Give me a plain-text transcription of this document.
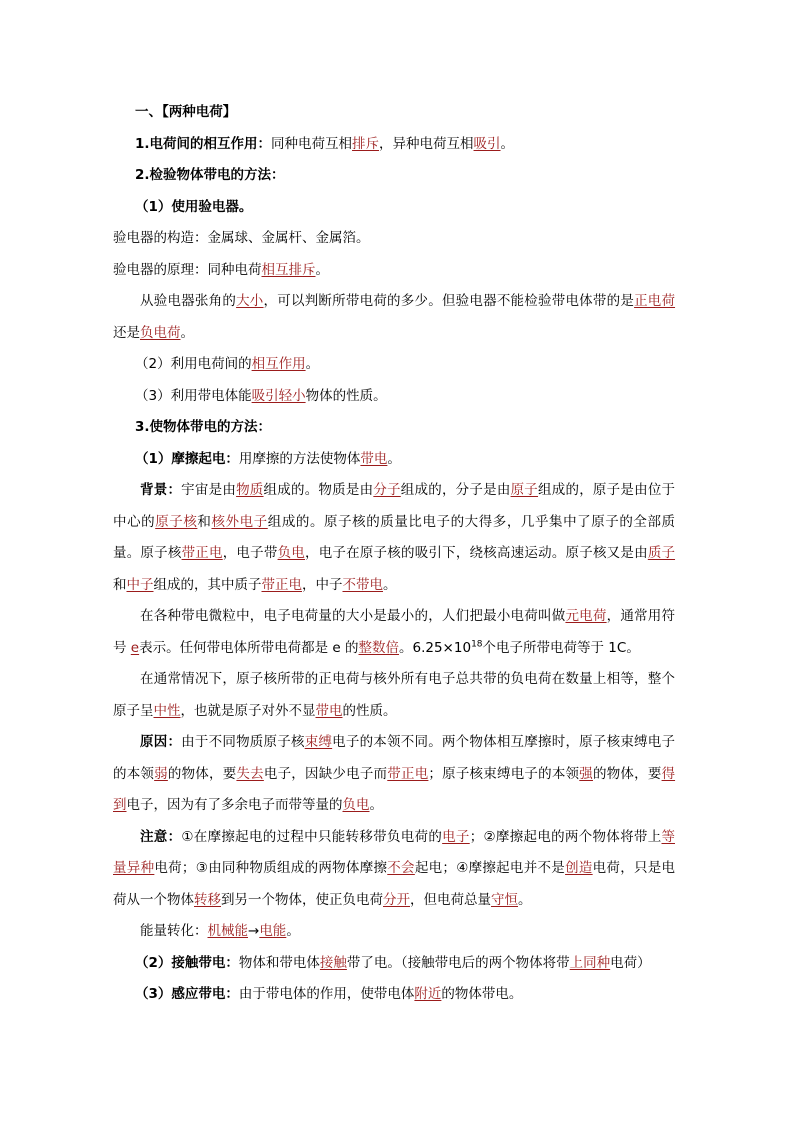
一、【两种电荷】

1.电荷间的相互作用：同种电荷互相排斥，异种电荷互相吸引。

2.检验物体带电的方法：

（1）使用验电器。

验电器的构造：金属球、金属杆、金属箔。

验电器的原理：同种电荷相互排斥。

从验电器张角的大小，可以判断所带电荷的多少。但验电器不能检验带电体带的是正电荷还是负电荷。

（2）利用电荷间的相互作用。

（3）利用带电体能吸引轻小物体的性质。

3.使物体带电的方法：

（1）摩擦起电：用摩擦的方法使物体带电。

背景：宇宙是由物质组成的。物质是由分子组成的，分子是由原子组成的，原子是由位于中心的原子核和核外电子组成的。原子核的质量比电子的大得多，几乎集中了原子的全部质量。原子核带正电，电子带负电，电子在原子核的吸引下，绕核高速运动。原子核又是由质子和中子组成的，其中质子带正电，中子不带电。

在各种带电微粒中，电子电荷量的大小是最小的，人们把最小电荷叫做元电荷，通常用符号 e表示。任何带电体所带电荷都是 e 的整数倍。$6.25\times 10^{18}$个电子所带电荷等于 1C。

在通常情况下，原子核所带的正电荷与核外所有电子总共带的负电荷在数量上相等，整个原子呈中性，也就是原子对外不显带电的性质。

原因：由于不同物质原子核束缚电子的本领不同。两个物体相互摩擦时，原子核束缚电子的本领弱的物体，要失去电子，因缺少电子而带正电；原子核束缚电子的本领强的物体，要得到电子，因为有了多余电子而带等量的负电。

注意：①在摩擦起电的过程中只能转移带负电荷的电子；②摩擦起电的两个物体将带上等量异种电荷；③由同种物质组成的两物体摩擦不会起电；④摩擦起电并不是创造电荷，只是电荷从一个物体转移到另一个物体，使正负电荷分开，但电荷总量守恒。

能量转化：机械能→电能。

（2）接触带电：物体和带电体接触带了电。（接触带电后的两个物体将带上同种电荷）

（3）感应带电：由于带电体的作用，使带电体附近的物体带电。
